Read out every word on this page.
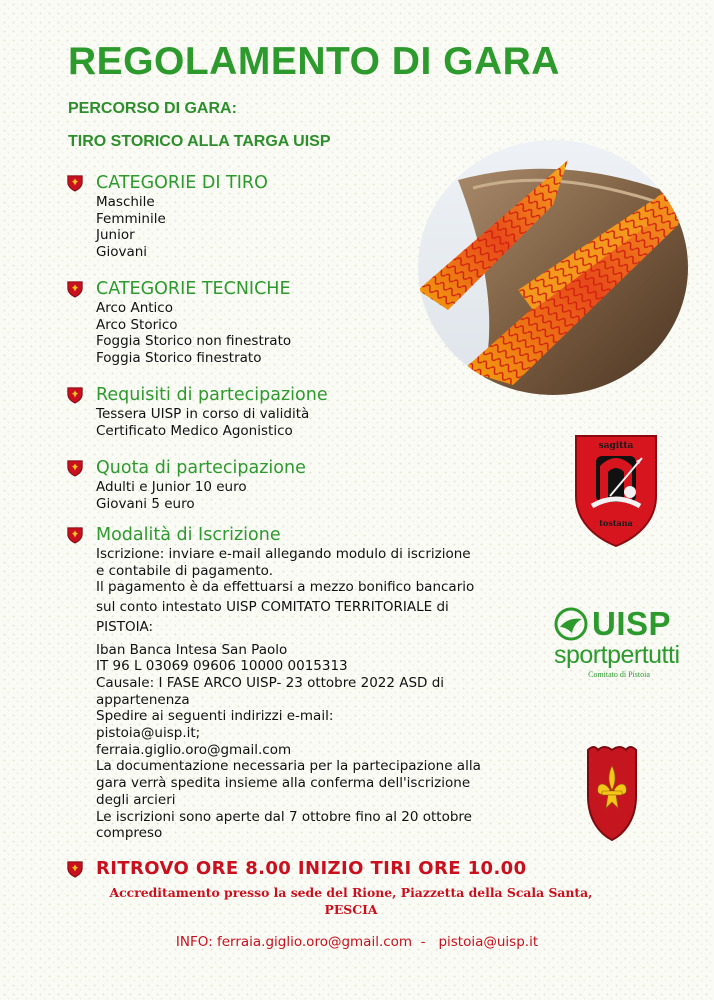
REGOLAMENTO DI GARA

PERCORSO DI GARA:

TIRO STORICO ALLA TARGA UISP

CATEGORIE DI TIRO
Maschile
Femminile
Junior
Giovani
CATEGORIE TECNICHE
Arco Antico
Arco Storico
Foggia Storico non finestrato
Foggia Storico finestrato
Requisiti di partecipazione
Tessera UISP in corso di validità
Certificato Medico Agonistico
Quota di partecipazione
Adulti e Junior 10 euro
Giovani 5 euro
Modalità di Iscrizione
Iscrizione: inviare e-mail allegando modulo di iscrizione
e contabile di pagamento.
Il pagamento è da effettuarsi a mezzo bonifico bancario
sul conto intestato UISP COMITATO TERRITORIALE di
PISTOIA:
Iban Banca Intesa San Paolo
IT 96 L 03069 09606 10000 0015313
Causale: I FASE ARCO UISP- 23 ottobre 2022 ASD di
appartenenza
Spedire ai seguenti indirizzi e-mail:
pistoia@uisp.it;
ferraia.giglio.oro@gmail.com
La documentazione necessaria per la partecipazione alla
gara verrà spedita insieme alla conferma dell'iscrizione
degli arcieri
Le iscrizioni sono aperte dal 7 ottobre fino al 20 ottobre
compreso
RITROVO ORE 8.00 INIZIO TIRI ORE 10.00
Accreditamento presso la sede del Rione, Piazzetta della Scala Santa,
PESCIA
INFO: ferraia.giglio.oro@gmail.com - pistoia@uisp.it
sagitta
tostana
UISP
sportpertutti
Comitato di Pistoia
